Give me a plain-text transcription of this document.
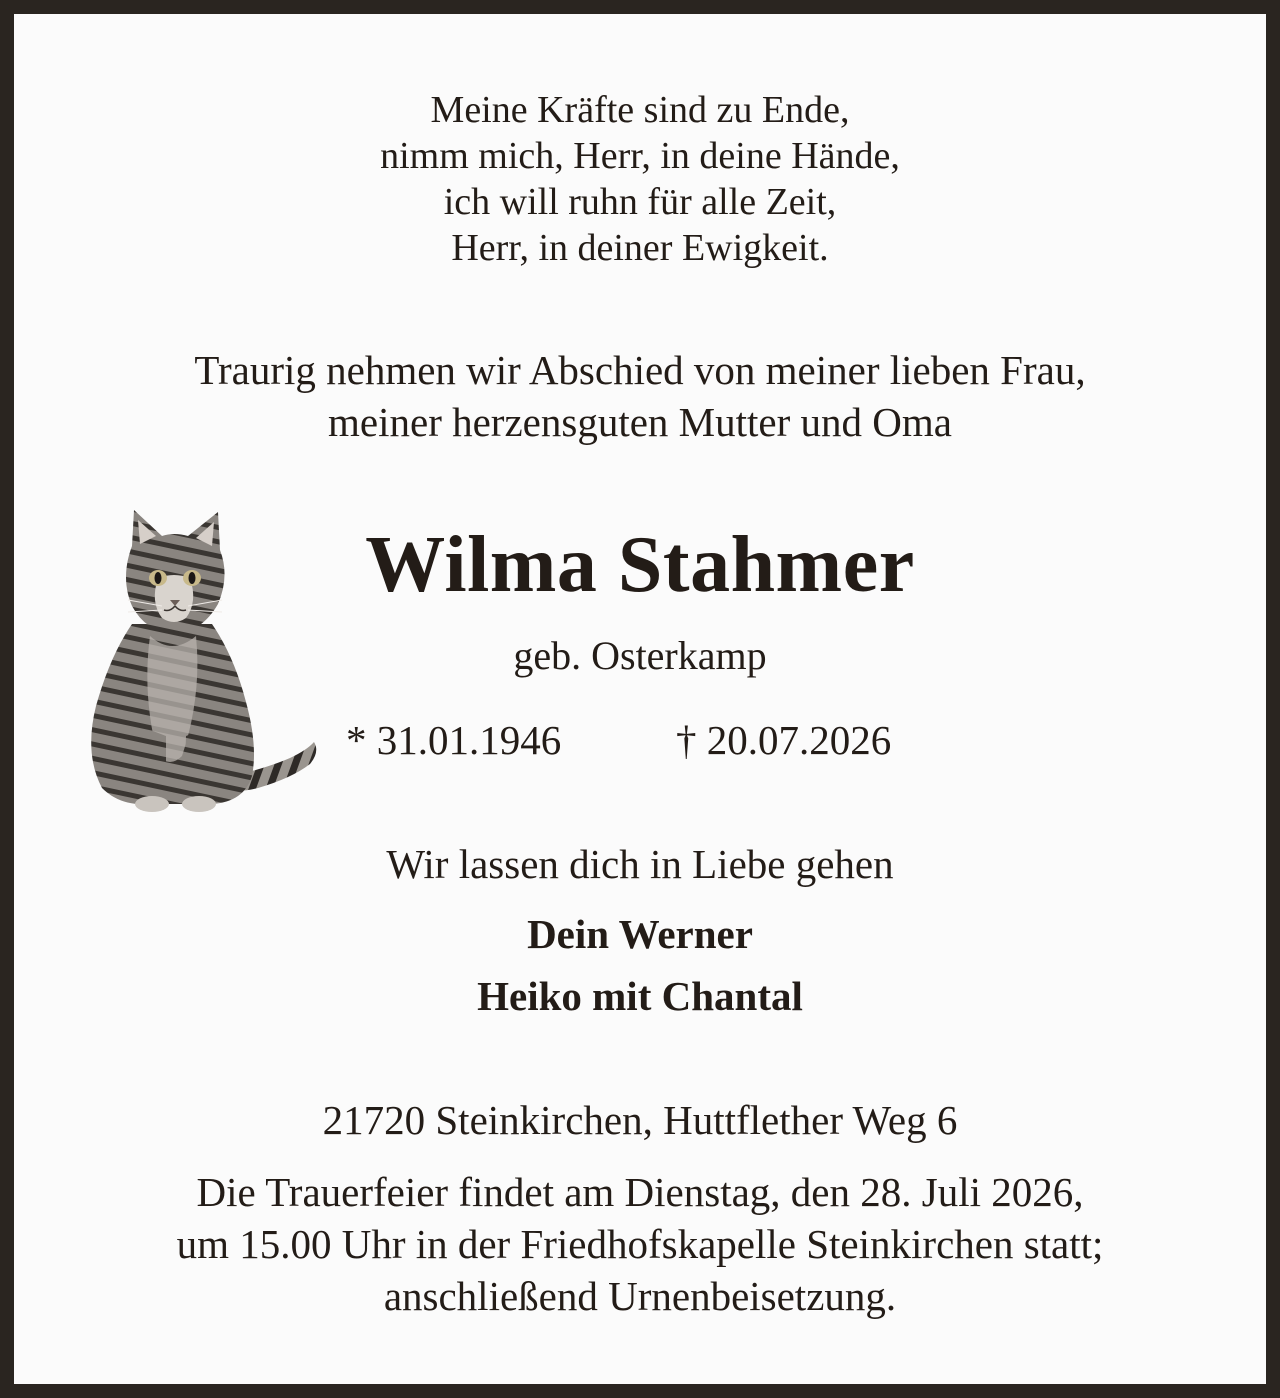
Meine Kräfte sind zu Ende,
nimm mich, Herr, in deine Hände,
ich will ruhn für alle Zeit,
Herr, in deiner Ewigkeit.
Traurig nehmen wir Abschied von meiner lieben Frau,
meiner herzensguten Mutter und Oma
Wilma Stahmer
geb. Osterkamp
* 31.01.1946	† 20.07.2026
Wir lassen dich in Liebe gehen
Dein Werner
Heiko mit Chantal
21720 Steinkirchen, Huttflether Weg 6
Die Trauerfeier findet am Dienstag, den 28. Juli 2026,
um 15.00 Uhr in der Friedhofskapelle Steinkirchen statt;
anschließend Urnenbeisetzung.
